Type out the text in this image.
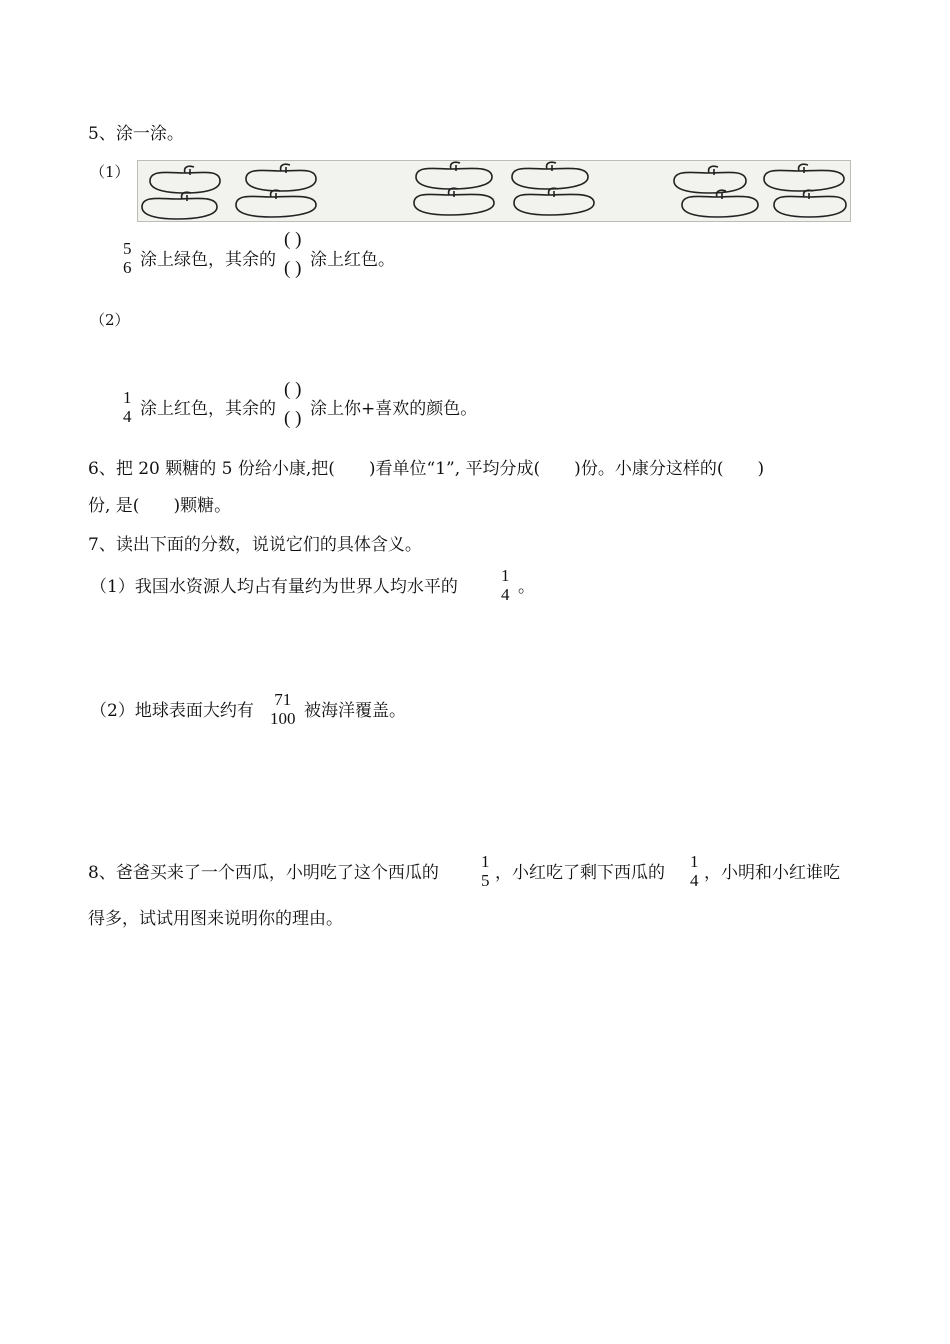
5、涂一涂。
（1）
5
6 涂上绿色，其余的
( )
( ) 涂上红色。
（2）
1
4 涂上红色，其余的
( )
( ) 涂上你+喜欢的颜色。
6、把 20 颗糖的 5 份给小康,把(　　)看单位“1”, 平均分成(　　)份。小康分这样的(　　)
份, 是(　　)颗糖。
7、读出下面的分数，说说它们的具体含义。
（1）我国水资源人均占有量约为世界人均水平的
1
4 。
（2）地球表面大约有
71
100 被海洋覆盖。
8、爸爸买来了一个西瓜，小明吃了这个西瓜的
1
5 ，小红吃了剩下西瓜的
1
4 ，小明和小红谁吃
得多，试试用图来说明你的理由。
